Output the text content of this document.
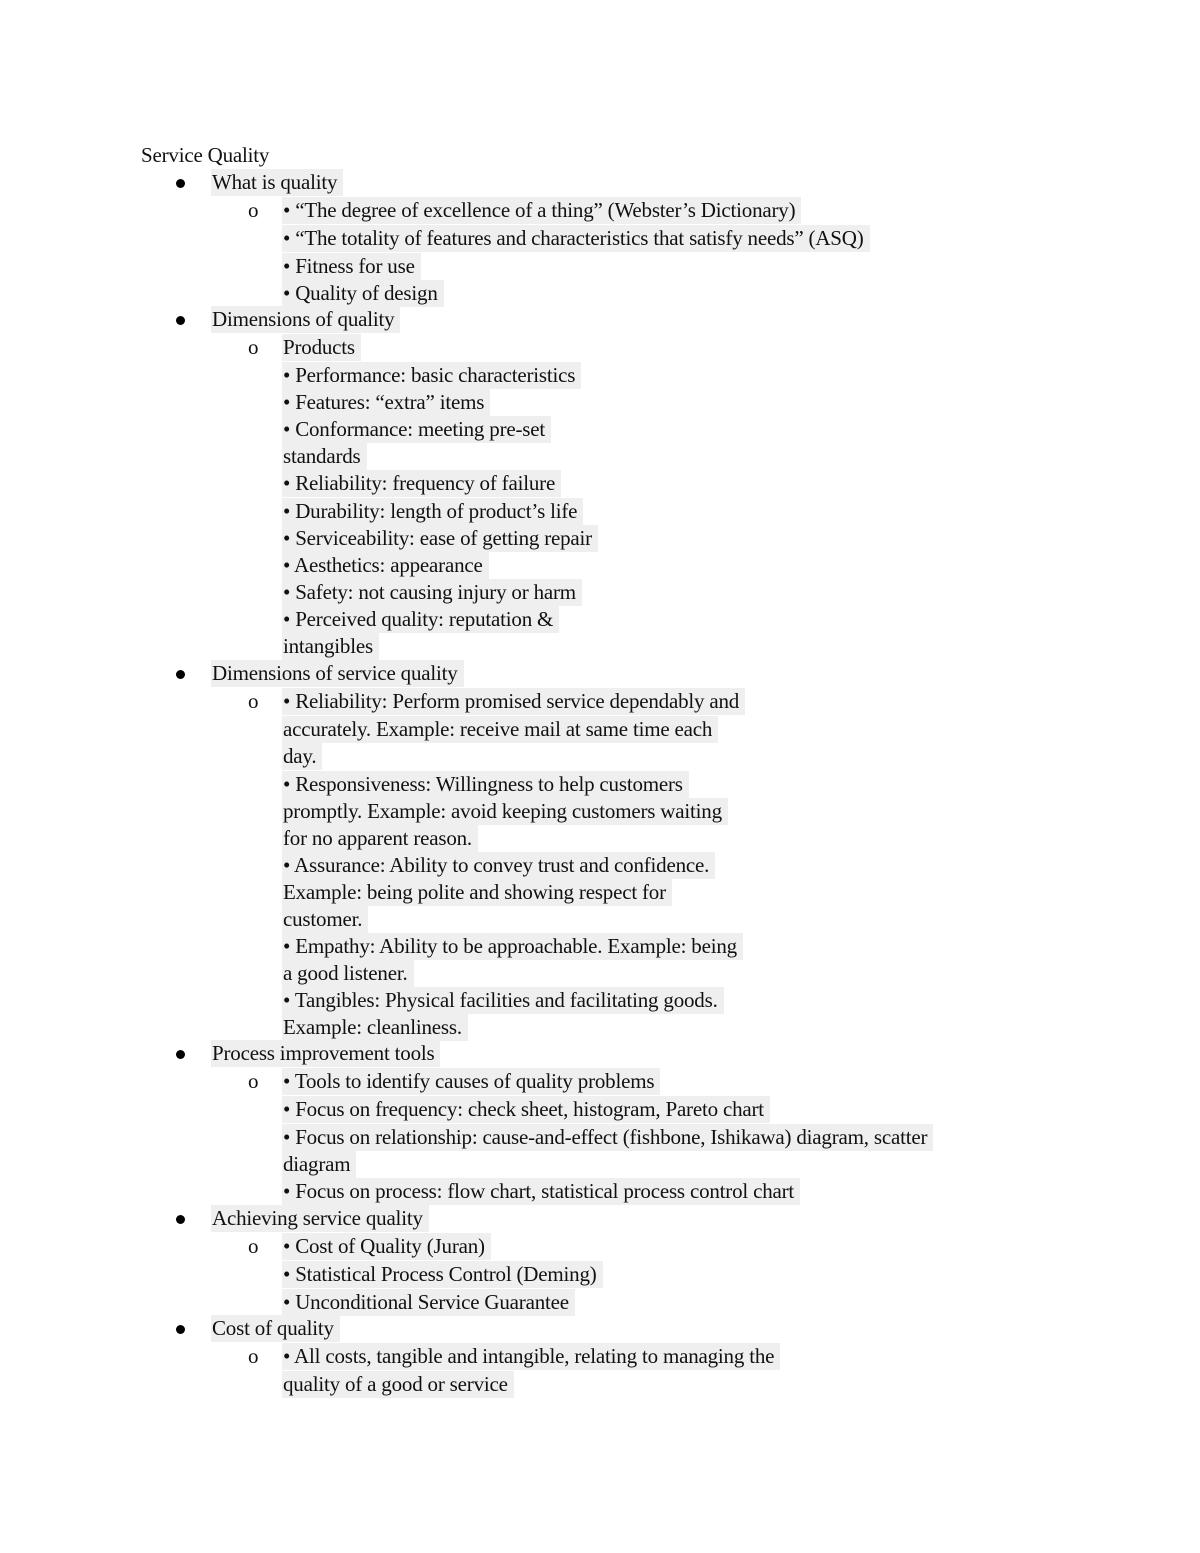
Service Quality
What is quality
o • “The degree of excellence of a thing” (Webster’s Dictionary)
• “The totality of features and characteristics that satisfy needs” (ASQ)
• Fitness for use
• Quality of design
Dimensions of quality
o Products
• Performance: basic characteristics
• Features: “extra” items
• Conformance: meeting pre-set
standards
• Reliability: frequency of failure
• Durability: length of product’s life
• Serviceability: ease of getting repair
• Aesthetics: appearance
• Safety: not causing injury or harm
• Perceived quality: reputation &
intangibles
Dimensions of service quality
o • Reliability: Perform promised service dependably and
accurately. Example: receive mail at same time each
day.
• Responsiveness: Willingness to help customers
promptly. Example: avoid keeping customers waiting
for no apparent reason.
• Assurance: Ability to convey trust and confidence.
Example: being polite and showing respect for
customer.
• Empathy: Ability to be approachable. Example: being
a good listener.
• Tangibles: Physical facilities and facilitating goods.
Example: cleanliness.
Process improvement tools
o • Tools to identify causes of quality problems
• Focus on frequency: check sheet, histogram, Pareto chart
• Focus on relationship: cause-and-effect (fishbone, Ishikawa) diagram, scatter
diagram
• Focus on process: flow chart, statistical process control chart
Achieving service quality
o • Cost of Quality (Juran)
• Statistical Process Control (Deming)
• Unconditional Service Guarantee
Cost of quality
o • All costs, tangible and intangible, relating to managing the
quality of a good or service
